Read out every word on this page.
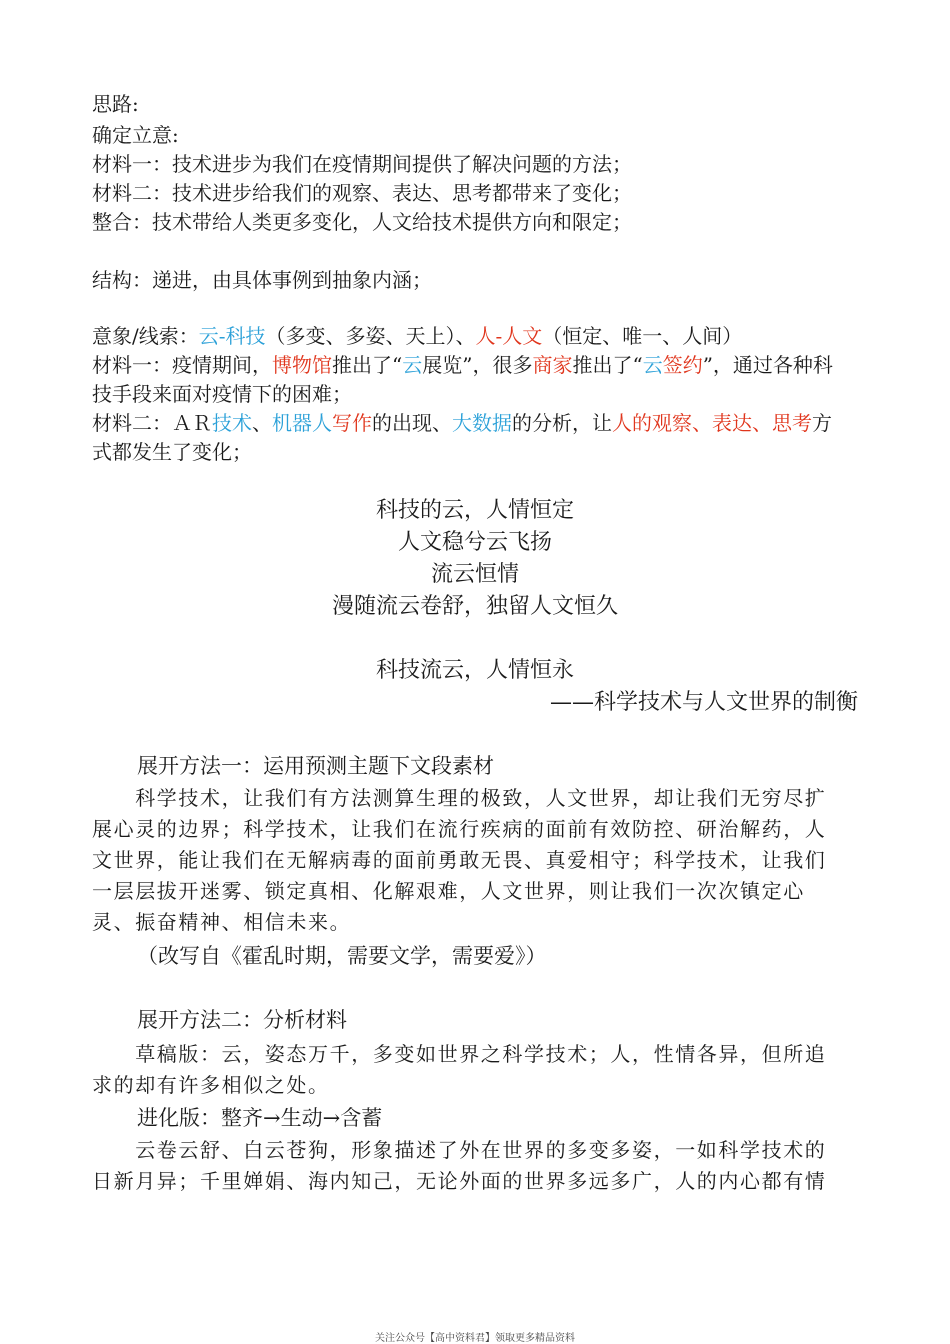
思路:
确定立意:
材料一：技术进步为我们在疫情期间提供了解决问题的方法；
材料二：技术进步给我们的观察、表达、思考都带来了变化；
整合：技术带给人类更多变化，人文给技术提供方向和限定；
结构：递进，由具体事例到抽象内涵；
意象/线索：云-科技（多变、多姿、天上）、人-人文（恒定、唯一、人间）
材料一：疫情期间，博物馆推出了“云展览”，很多商家推出了“云签约”，通过各种科
技手段来面对疫情下的困难；
材料二：ＡＲ技术、机器人写作的出现、大数据的分析，让人的观察、表达、思考方
式都发生了变化；
科技的云，人情恒定
人文稳兮云飞扬
流云恒情
漫随流云卷舒，独留人文恒久
科技流云，人情恒永
——科学技术与人文世界的制衡
展开方法一：运用预测主题下文段素材
　　科学技术，让我们有方法测算生理的极致，人文世界，却让我们无穷尽扩
展心灵的边界；科学技术，让我们在流行疾病的面前有效防控、研治解药，人
文世界，能让我们在无解病毒的面前勇敢无畏、真爱相守；科学技术，让我们
一层层拔开迷雾、锁定真相、化解艰难，人文世界，则让我们一次次镇定心
灵、振奋精神、相信未来。
（改写自《霍乱时期，需要文学，需要爱》）
展开方法二：分析材料
　　草稿版：云，姿态万千，多变如世界之科学技术；人，性情各异，但所追
求的却有许多相似之处。
进化版：整齐→生动→含蓄
　　云卷云舒、白云苍狗，形象描述了外在世界的多变多姿，一如科学技术的
日新月异；千里婵娟、海内知己，无论外面的世界多远多广，人的内心都有情
关注公众号【高中资料君】领取更多精品资料
